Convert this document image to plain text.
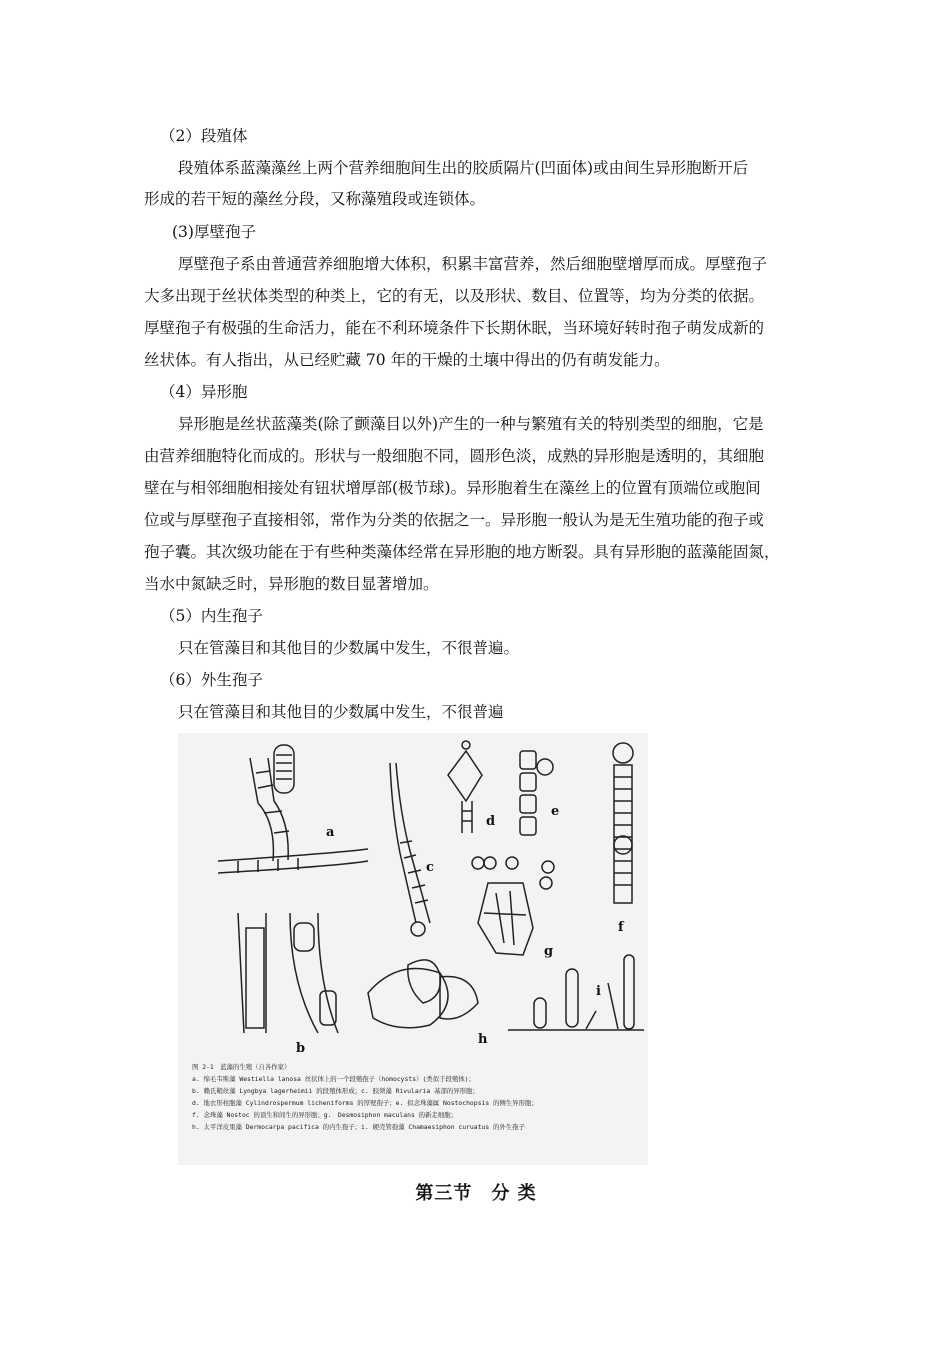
（2）段殖体
段殖体系蓝藻藻丝上两个营养细胞间生出的胶质隔片(凹面体)或由间生异形胞断开后
形成的若干短的藻丝分段，又称藻殖段或连锁体。
(3)厚壁孢子
厚壁孢子系由普通营养细胞增大体积，积累丰富营养，然后细胞壁增厚而成。厚壁孢子
大多出现于丝状体类型的种类上，它的有无，以及形状、数目、位置等，均为分类的依据。
厚壁孢子有极强的生命活力，能在不利环境条件下长期休眠，当环境好转时孢子萌发成新的
丝状体。有人指出，从已经贮藏 70 年的干燥的土壤中得出的仍有萌发能力。
（4）异形胞
异形胞是丝状蓝藻类(除了颤藻目以外)产生的一种与繁殖有关的特别类型的细胞，它是
由营养细胞特化而成的。形状与一般细胞不同，圆形色淡，成熟的异形胞是透明的，其细胞
壁在与相邻细胞相接处有钮状增厚部(极节球)。异形胞着生在藻丝上的位置有顶端位或胞间
位或与厚壁孢子直接相邻，常作为分类的依据之一。异形胞一般认为是无生殖功能的孢子或
孢子囊。其次级功能在于有些种类藻体经常在异形胞的地方断裂。具有异形胞的蓝藻能固氮，
当水中氮缺乏时，异形胞的数目显著增加。
（5）内生孢子
只在管藻目和其他目的少数属中发生，不很普遍。
（6）外生孢子
只在管藻目和其他目的少数属中发生，不很普遍
a
b
c
d
e
f
g
h
i
图 2-1　蓝藻的生殖（自各作家）
a. 绵毛韦斯藻 Westiella lanosa 丝状体上的一个段殖孢子（homocysts）(类似于段殖体)；
b. 赖氏鞘丝藻 Lyngbya lagerheimii 的段殖体形成；c. 胶须藻 Rivularia 基部的异形胞；
d. 地衣形柱胞藻 Cylindrospermum licheniforms 的厚壁孢子；e. 拟念珠藻属 Nostochopsis 的侧生异形胞；
f. 念珠藻 Nostoc 的顶生和间生的异形胞；g.　Desmosiphon maculans 的新走细胞；
h. 太平洋皮果藻 Dermocarpa pacifica 的内生孢子；i. 硬壳管孢藻 Chamaesiphon curuatus 的外生孢子
第三节　分 类
